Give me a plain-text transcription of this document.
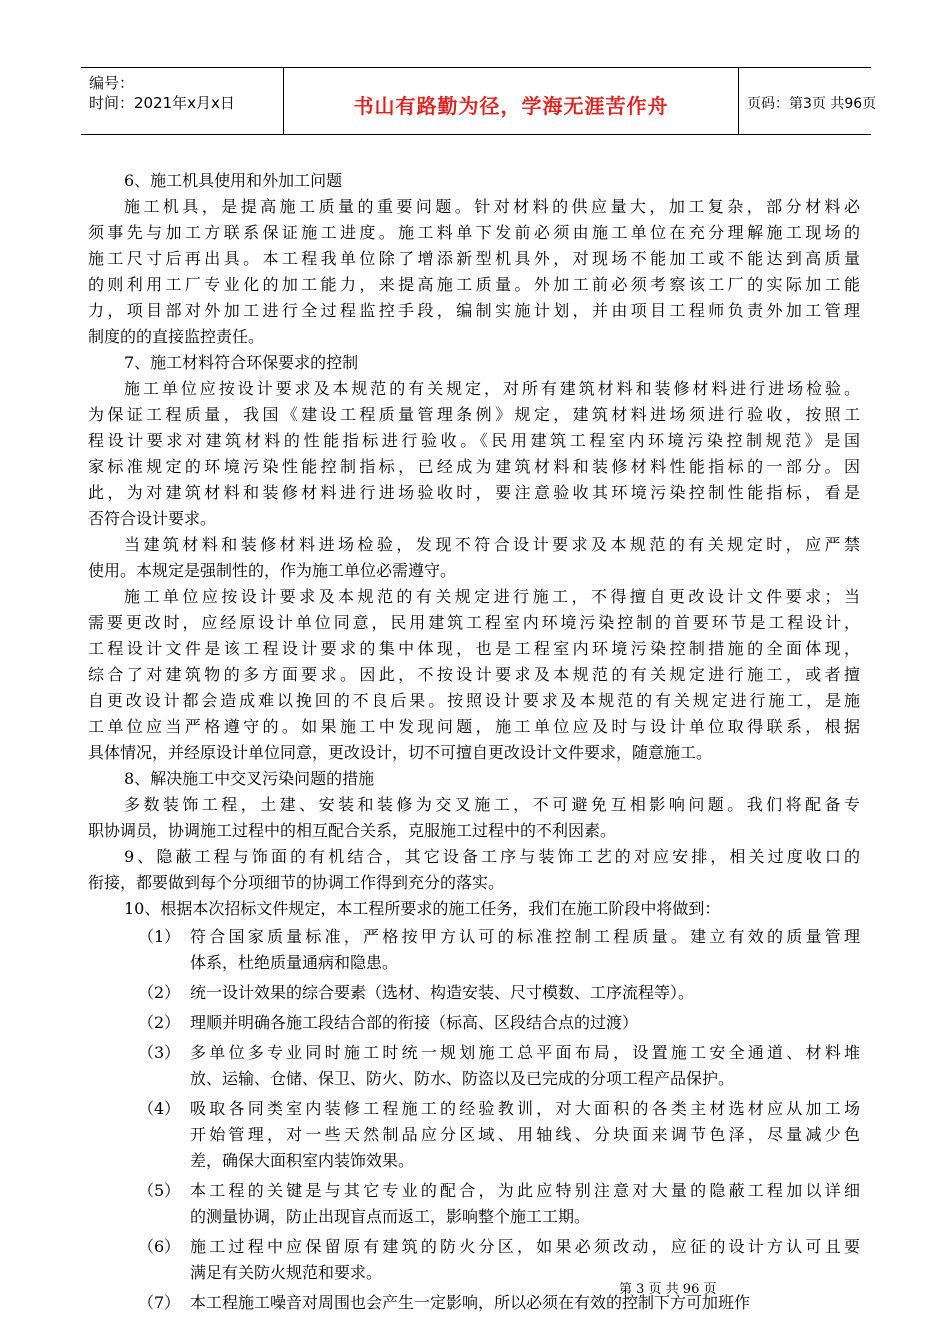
编号：
时间：2021年x月x日	书山有路勤为径，学海无涯苦作舟	页码：第3页 共96页
6、施工机具使用和外加工问题
施工机具，是提高施工质量的重要问题。针对材料的供应量大，加工复杂，部分材料必
须事先与加工方联系保证施工进度。施工料单下发前必须由施工单位在充分理解施工现场的
施工尺寸后再出具。本工程我单位除了增添新型机具外，对现场不能加工或不能达到高质量
的则利用工厂专业化的加工能力，来提高施工质量。外加工前必须考察该工厂的实际加工能
力，项目部对外加工进行全过程监控手段，编制实施计划，并由项目工程师负责外加工管理
制度的的直接监控责任。
7、施工材料符合环保要求的控制
施工单位应按设计要求及本规范的有关规定，对所有建筑材料和装修材料进行进场检验。
为保证工程质量，我国《建设工程质量管理条例》规定，建筑材料进场须进行验收，按照工
程设计要求对建筑材料的性能指标进行验收。《民用建筑工程室内环境污染控制规范》是国
家标准规定的环境污染性能控制指标，已经成为建筑材料和装修材料性能指标的一部分。因
此，为对建筑材料和装修材料进行进场验收时，要注意验收其环境污染控制性能指标，看是
否符合设计要求。
当建筑材料和装修材料进场检验，发现不符合设计要求及本规范的有关规定时，应严禁
使用。本规定是强制性的，作为施工单位必需遵守。
施工单位应按设计要求及本规范的有关规定进行施工，不得擅自更改设计文件要求；当
需要更改时，应经原设计单位同意，民用建筑工程室内环境污染控制的首要环节是工程设计，
工程设计文件是该工程设计要求的集中体现，也是工程室内环境污染控制措施的全面体现，
综合了对建筑物的多方面要求。因此，不按设计要求及本规范的有关规定进行施工，或者擅
自更改设计都会造成难以挽回的不良后果。按照设计要求及本规范的有关规定进行施工，是施
工单位应当严格遵守的。如果施工中发现问题，施工单位应及时与设计单位取得联系，根据
具体情况，并经原设计单位同意，更改设计，切不可擅自更改设计文件要求，随意施工。
8、解决施工中交叉污染问题的措施
多数装饰工程，土建、安装和装修为交叉施工，不可避免互相影响问题。我们将配备专
职协调员，协调施工过程中的相互配合关系，克服施工过程中的不利因素。
9、隐蔽工程与饰面的有机结合，其它设备工序与装饰工艺的对应安排，相关过度收口的
衔接，都要做到每个分项细节的协调工作得到充分的落实。
10、根据本次招标文件规定，本工程所要求的施工任务，我们在施工阶段中将做到：
（1） 符合国家质量标准，严格按甲方认可的标准控制工程质量。建立有效的质量管理
体系，杜绝质量通病和隐患。
（2） 统一设计效果的综合要素（选材、构造安装、尺寸模数、工序流程等）。
（2） 理顺并明确各施工段结合部的衔接（标高、区段结合点的过渡）
（3） 多单位多专业同时施工时统一规划施工总平面布局，设置施工安全通道、材料堆
放、运输、仓储、保卫、防火、防水、防盗以及已完成的分项工程产品保护。
（4） 吸取各同类室内装修工程施工的经验教训，对大面积的各类主材选材应从加工场
开始管理，对一些天然制品应分区域、用轴线、分块面来调节色泽，尽量减少色
差，确保大面积室内装饰效果。
（5） 本工程的关键是与其它专业的配合，为此应特别注意对大量的隐蔽工程加以详细
的测量协调，防止出现盲点而返工，影响整个施工工期。
（6） 施工过程中应保留原有建筑的防火分区，如果必须改动，应征的设计方认可且要
满足有关防火规范和要求。
（7） 本工程施工噪音对周围也会产生一定影响，所以必须在有效的控制下方可加班作
第 3 页 共 96 页
